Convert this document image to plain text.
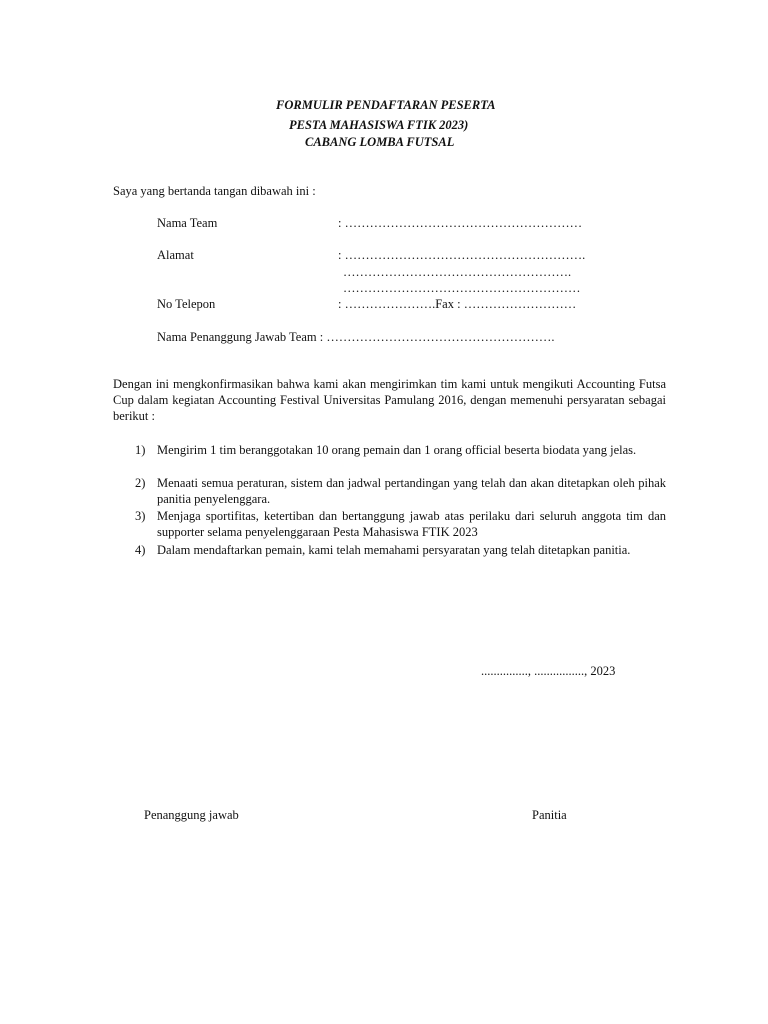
FORMULIR PENDAFTARAN PESERTA
PESTA MAHASISWA FTIK 2023)
CABANG LOMBA FUTSAL
Saya yang bertanda tangan dibawah ini :
Nama Team	: …………………………………………………
Alamat	: ………………………………………………….
……………………………………………….
…………………………………………………
No Telepon	: ………………….Fax : ………………………
Nama Penanggung Jawab Team : ……………………………………………….
Dengan ini mengkonfirmasikan bahwa kami akan mengirimkan tim kami untuk mengikuti Accounting Futsa Cup dalam kegiatan Accounting Festival Universitas Pamulang 2016, dengan memenuhi persyaratan sebagai berikut :
1) Mengirim 1 tim beranggotakan 10 orang pemain dan 1 orang official beserta biodata yang jelas.
2) Menaati semua peraturan, sistem dan jadwal pertandingan yang telah dan akan ditetapkan oleh pihak panitia penyelenggara.
3) Menjaga sportifitas, ketertiban dan bertanggung jawab atas perilaku dari seluruh anggota tim dan supporter selama penyelenggaraan Pesta Mahasiswa FTIK 2023
4) Dalam mendaftarkan pemain, kami telah memahami persyaratan yang telah ditetapkan panitia.
..............., ................, 2023
Penanggung jawab	Panitia
